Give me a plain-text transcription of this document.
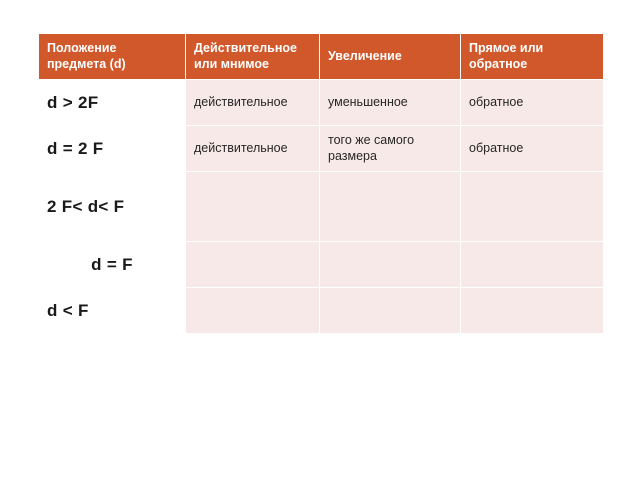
Положение предмета (d)	Действительное или мнимое	Увеличение	Прямое или обратное
d > 2F	действительное	уменьшенное	обратное
d = 2 F	действительное	того же самого размера	обратное
2 F< d< F			
d = F			
d < F			
